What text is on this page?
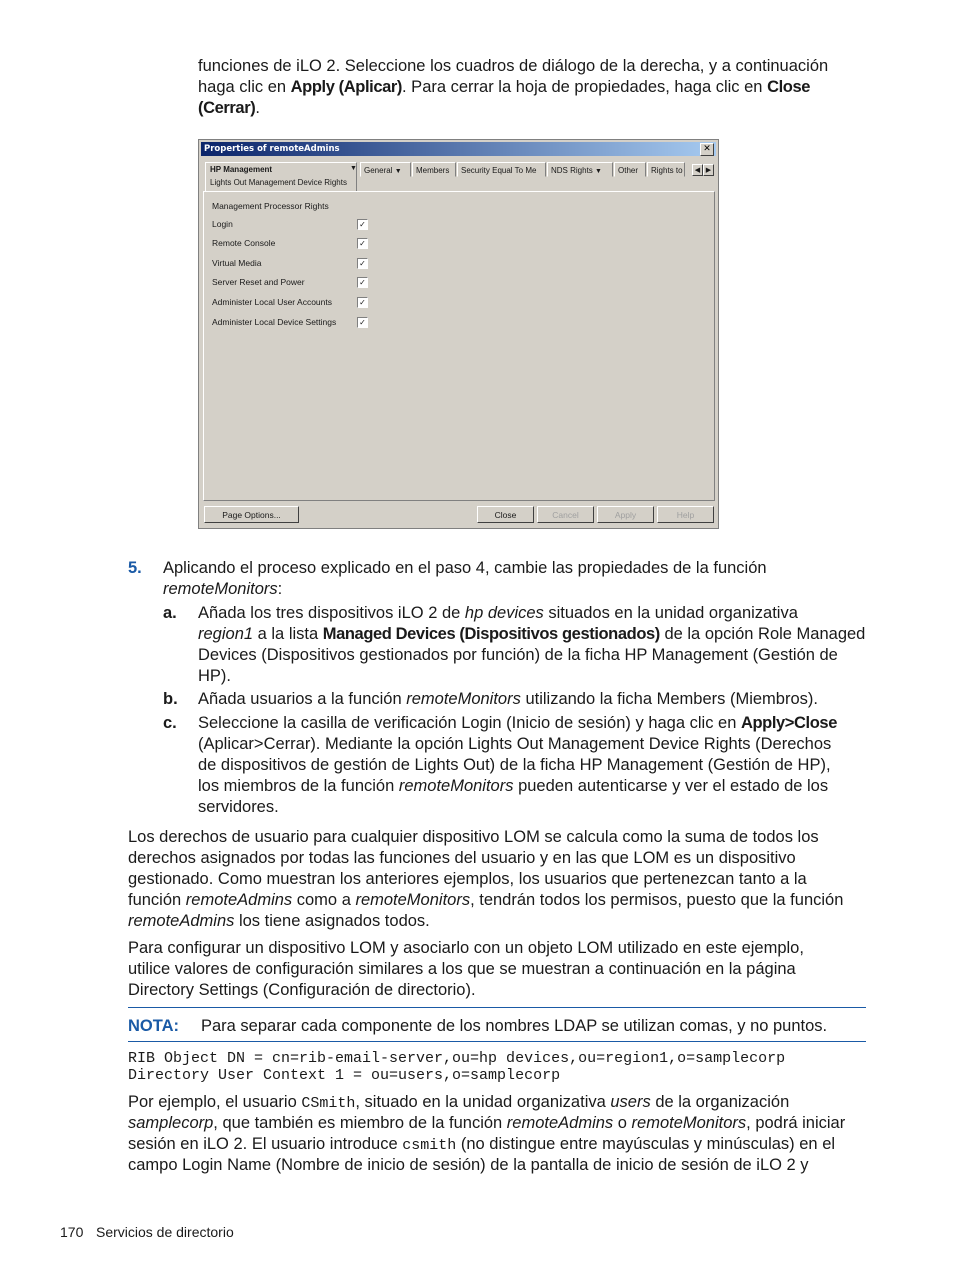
funciones de iLO 2. Seleccione los cuadros de diálogo de la derecha, y a continuación
haga clic en Apply (Aplicar). Para cerrar la hoja de propiedades, haga clic en Close
(Cerrar).
Properties of remoteAdmins	✕
HP Management	▼
Lights Out Management Device Rights
General ▼	Members	Security Equal To Me	NDS Rights ▼	Other	Rights to	◀ ▶
Management Processor Rights
Login	✓
Remote Console	✓
Virtual Media	✓
Server Reset and Power	✓
Administer Local User Accounts	✓
Administer Local Device Settings	✓
Page Options...	Close	Cancel	Apply	Help
5. Aplicando el proceso explicado en el paso 4, cambie las propiedades de la función
remoteMonitors:
a. Añada los tres dispositivos iLO 2 de hp devices situados en la unidad organizativa
region1 a la lista Managed Devices (Dispositivos gestionados) de la opción Role Managed
Devices (Dispositivos gestionados por función) de la ficha HP Management (Gestión de
HP).
b. Añada usuarios a la función remoteMonitors utilizando la ficha Members (Miembros).
c. Seleccione la casilla de verificación Login (Inicio de sesión) y haga clic en Apply>Close
(Aplicar>Cerrar). Mediante la opción Lights Out Management Device Rights (Derechos
de dispositivos de gestión de Lights Out) de la ficha HP Management (Gestión de HP),
los miembros de la función remoteMonitors pueden autenticarse y ver el estado de los
servidores.
Los derechos de usuario para cualquier dispositivo LOM se calcula como la suma de todos los
derechos asignados por todas las funciones del usuario y en las que LOM es un dispositivo
gestionado. Como muestran los anteriores ejemplos, los usuarios que pertenezcan tanto a la
función remoteAdmins como a remoteMonitors, tendrán todos los permisos, puesto que la función
remoteAdmins los tiene asignados todos.
Para configurar un dispositivo LOM y asociarlo con un objeto LOM utilizado en este ejemplo,
utilice valores de configuración similares a los que se muestran a continuación en la página
Directory Settings (Configuración de directorio).
NOTA: Para separar cada componente de los nombres LDAP se utilizan comas, y no puntos.
RIB Object DN = cn=rib-email-server,ou=hp devices,ou=region1,o=samplecorp
Directory User Context 1 = ou=users,o=samplecorp
Por ejemplo, el usuario CSmith, situado en la unidad organizativa users de la organización
samplecorp, que también es miembro de la función remoteAdmins o remoteMonitors, podrá iniciar
sesión en iLO 2. El usuario introduce csmith (no distingue entre mayúsculas y minúsculas) en el
campo Login Name (Nombre de inicio de sesión) de la pantalla de inicio de sesión de iLO 2 y
170 Servicios de directorio
